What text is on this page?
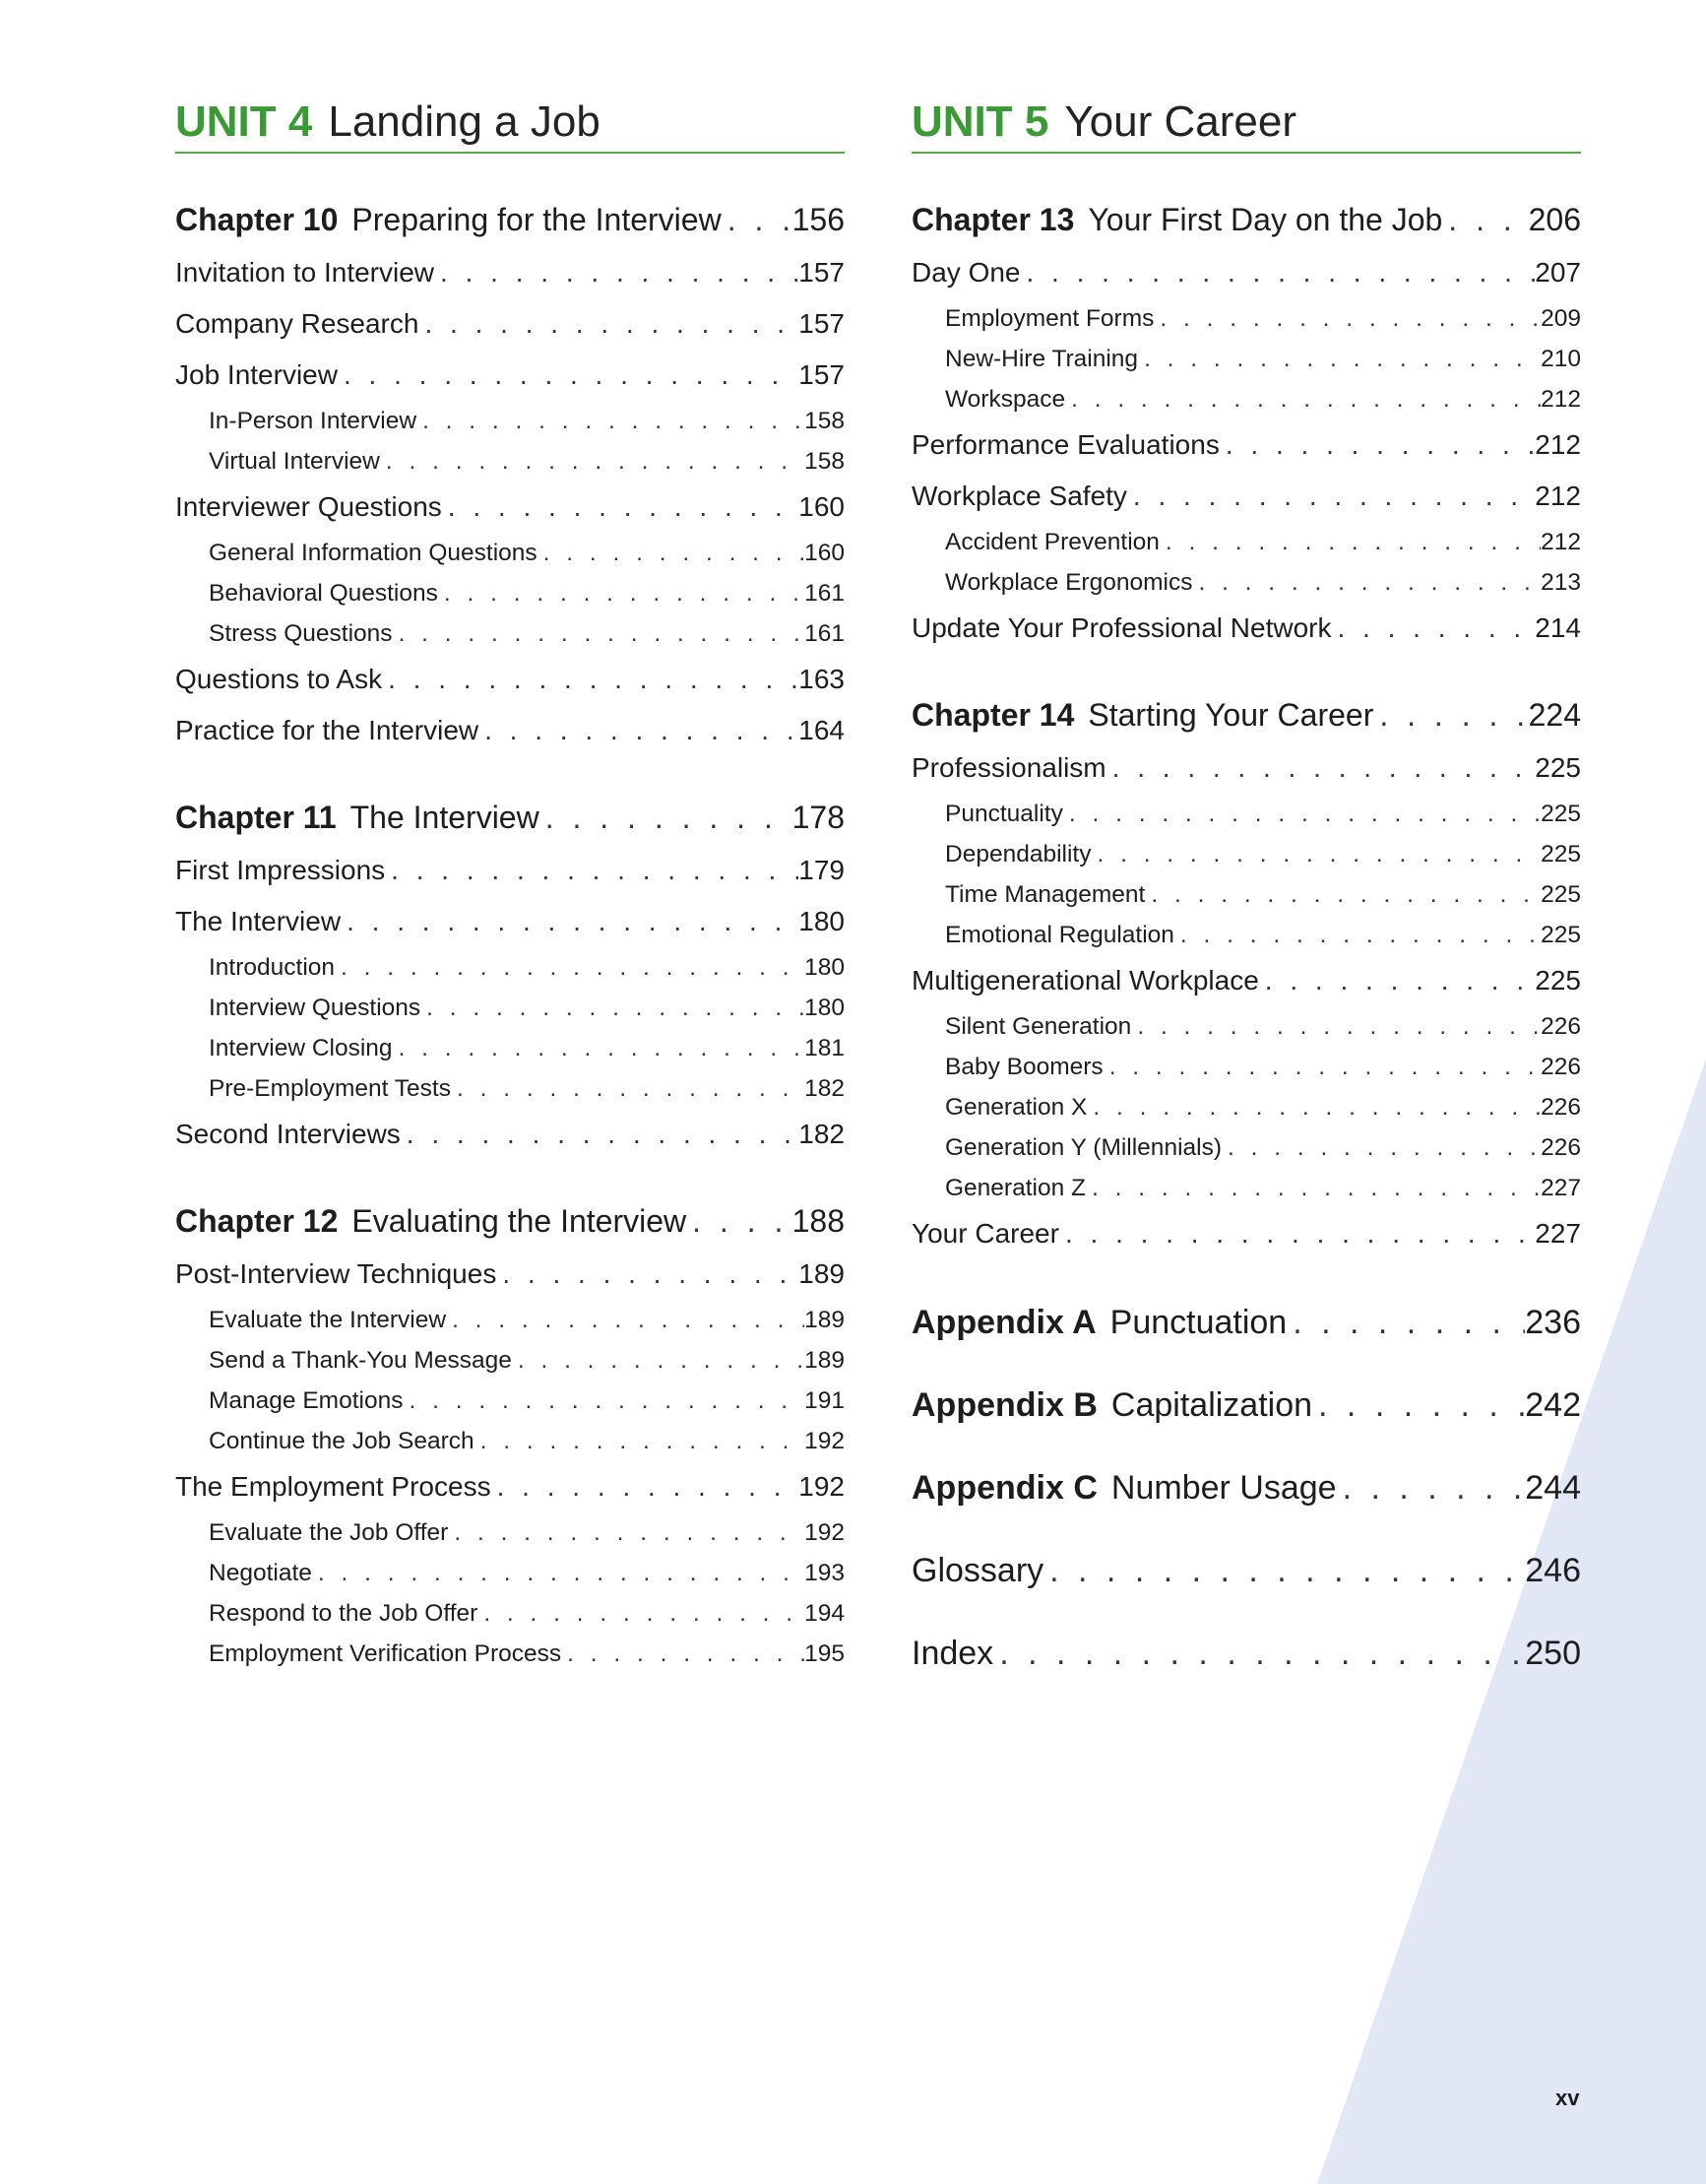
UNIT 4 Landing a Job
Chapter 10 Preparing for the Interview . . . 156
Invitation to Interview . . .	157
Company Research . . .	157
Job Interview . . .	157
In-Person Interview . . .	158
Virtual Interview . . .	158
Interviewer Questions . . .	160
General Information Questions . . .	160
Behavioral Questions . . .	161
Stress Questions . . .	161
Questions to Ask . . .	163
Practice for the Interview . . .	164
Chapter 11 The Interview . . .	178
First Impressions . . .	179
The Interview . . .	180
Introduction . . .	180
Interview Questions . . .	180
Interview Closing . . .	181
Pre-Employment Tests . . .	182
Second Interviews . . .	182
Chapter 12 Evaluating the Interview . . .	188
Post-Interview Techniques . . .	189
Evaluate the Interview . . .	189
Send a Thank-You Message . . .	189
Manage Emotions . . .	191
Continue the Job Search . . .	192
The Employment Process . . .	192
Evaluate the Job Offer . . .	192
Negotiate . . .	193
Respond to the Job Offer . . .	194
Employment Verification Process . . .	195
UNIT 5 Your Career
Chapter 13 Your First Day on the Job . . .	206
Day One . . .	207
Employment Forms . . .	209
New-Hire Training . . .	210
Workspace . . .	212
Performance Evaluations . . .	212
Workplace Safety . . .	212
Accident Prevention . . .	212
Workplace Ergonomics . . .	213
Update Your Professional Network . . .	214
Chapter 14 Starting Your Career . . .	224
Professionalism . . .	225
Punctuality . . .	225
Dependability . . .	225
Time Management . . .	225
Emotional Regulation . . .	225
Multigenerational Workplace . . .	225
Silent Generation . . .	226
Baby Boomers . . .	226
Generation X . . .	226
Generation Y (Millennials) . . .	226
Generation Z . . .	227
Your Career . . .	227
Appendix A Punctuation . . .	236
Appendix B Capitalization . . .	242
Appendix C Number Usage . . .	244
Glossary . . .	246
Index . . .	250
xv
